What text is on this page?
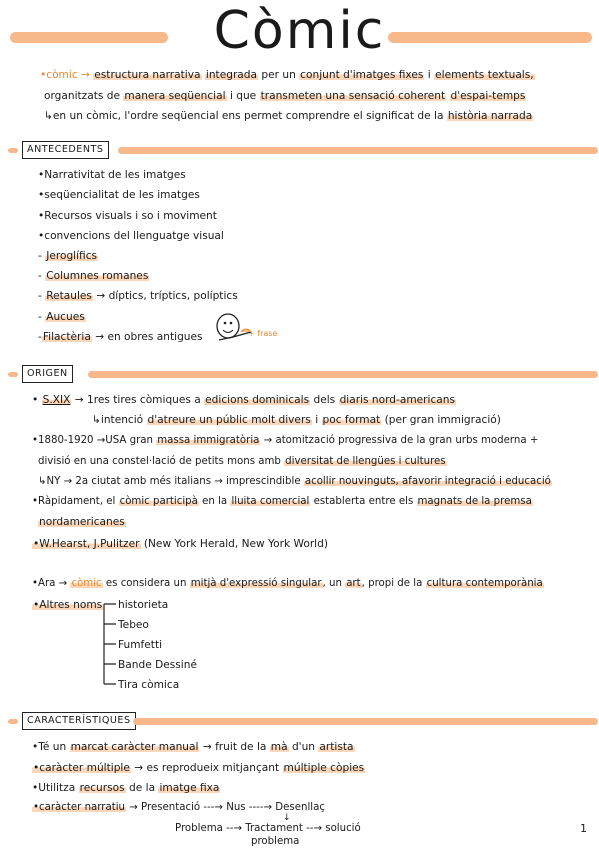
Còmic
•còmic → estructura narrativa integrada per un conjunt d'imatges fixes i elements textuals,
organitzats de manera seqüencial i que transmeten una sensació coherent d'espai-temps
↳en un còmic, l'ordre seqüencial ens permet comprendre el significat de la història narrada
ANTECEDENTS
•Narrativitat de les imatges
•seqüencialitat de les imatges
•Recursos visuals i so i moviment
•convencions del llenguatge visual
- Jeroglífics
- Columnes romanes
- Retaules → díptics, tríptics, políptics
- Aucues
-Filactèria → en obres antigues	+ frase
ORIGEN
• S.XIX → 1res tires còmiques a edicions dominicals dels diaris nord-americans
↳intenció d'atreure un públic molt divers i poc format (per gran immigració)
•1880-1920 →USA gran massa immigratòria → atomització progressiva de la gran urbs moderna +
divisió en una constel·lació de petits mons amb diversitat de llengües i cultures
↳NY → 2a ciutat amb més italians → imprescindible acollir nouvinguts, afavorir integració i educació
•Ràpidament, el còmic participà en la lluita comercial establerta entre els magnats de la premsa
nordamericanes
•W.Hearst, J.Pulitzer (New York Herald, New York World)
•Ara → còmic es considera un mitjà d'expressió singular, un art, propi de la cultura contemporània
•Altres noms historieta
Tebeo
Fumfetti
Bande Dessiné
Tira còmica
CARACTERÍSTIQUES
•Té un marcat caràcter manual → fruit de la mà d'un artista
•caràcter múltiple → es reprodueix mitjançant múltiple còpies
•Utilitza recursos de la imatge fixa
•caràcter narratiu → Presentació ---→ Nus ----→ Desenllaç
↓
Problema --→ Tractament --→ solució
problema
1
